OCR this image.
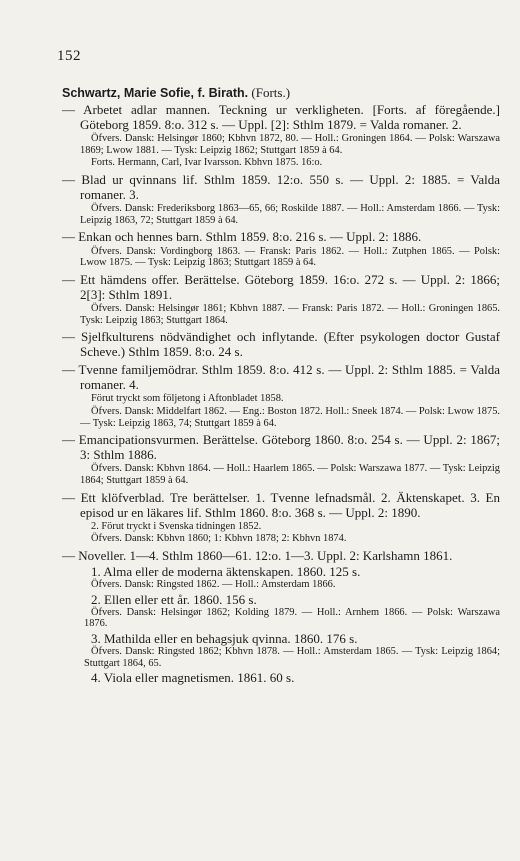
152
Schwartz, Marie Sofie, f. Birath. (Forts.)
— Arbetet adlar mannen. Teckning ur verkligheten. [Forts. af föregående.] Göteborg 1859. 8:o. 312 s. — Uppl. [2]: Sthlm 1879. = Valda romaner. 2.
Öfvers. Dansk: Helsingør 1860; Kbhvn 1872, 80. — Holl.: Groningen 1864. — Polsk: Warszawa 1869; Lwow 1881. — Tysk: Leipzig 1862; Stuttgart 1859 à 64.
Forts. Hermann, Carl, Ivar Ivarsson. Kbhvn 1875. 16:o.
— Blad ur qvinnans lif. Sthlm 1859. 12:o. 550 s. — Uppl. 2: 1885. = Valda romaner. 3.
Öfvers. Dansk: Frederiksborg 1863—65, 66; Roskilde 1887. — Holl.: Amsterdam 1866. — Tysk: Leipzig 1863, 72; Stuttgart 1859 à 64.
— Enkan och hennes barn. Sthlm 1859. 8:o. 216 s. — Uppl. 2: 1886.
Öfvers. Dansk: Vordingborg 1863. — Fransk: Paris 1862. — Holl.: Zutphen 1865. — Polsk: Lwow 1875. — Tysk: Leipzig 1863; Stuttgart 1859 à 64.
— Ett hämdens offer. Berättelse. Göteborg 1859. 16:o. 272 s. — Uppl. 2: 1866; 2[3]: Sthlm 1891.
Öfvers. Dansk: Helsingør 1861; Kbhvn 1887. — Fransk: Paris 1872. — Holl.: Groningen 1865. Tysk: Leipzig 1863; Stuttgart 1864.
— Sjelfkulturens nödvändighet och inflytande. (Efter psykologen doctor Gustaf Scheve.) Sthlm 1859. 8:o. 24 s.
— Tvenne familjemödrar. Sthlm 1859. 8:o. 412 s. — Uppl. 2: Sthlm 1885. = Valda romaner. 4.
Förut tryckt som följetong i Aftonbladet 1858.
Öfvers. Dansk: Middelfart 1862. — Eng.: Boston 1872. Holl.: Sneek 1874. — Polsk: Lwow 1875. — Tysk: Leipzig 1863, 74; Stuttgart 1859 à 64.
— Emancipationsvurmen. Berättelse. Göteborg 1860. 8:o. 254 s. — Uppl. 2: 1867; 3: Sthlm 1886.
Öfvers. Dansk: Kbhvn 1864. — Holl.: Haarlem 1865. — Polsk: Warszawa 1877. — Tysk: Leipzig 1864; Stuttgart 1859 à 64.
— Ett klöfverblad. Tre berättelser. 1. Tvenne lefnadsmål. 2. Äktenskapet. 3. En episod ur en läkares lif. Sthlm 1860. 8:o. 368 s. — Uppl. 2: 1890.
2. Förut tryckt i Svenska tidningen 1852.
Öfvers. Dansk: Kbhvn 1860; 1: Kbhvn 1878; 2: Kbhvn 1874.
— Noveller. 1—4. Sthlm 1860—61. 12:o. 1—3. Uppl. 2: Karlshamn 1861.
1. Alma eller de moderna äktenskapen. 1860. 125 s.
Öfvers. Dansk: Ringsted 1862. — Holl.: Amsterdam 1866.
2. Ellen eller ett år. 1860. 156 s.
Öfvers. Dansk: Helsingør 1862; Kolding 1879. — Holl.: Arnhem 1866. — Polsk: Warszawa 1876.
3. Mathilda eller en behagsjuk qvinna. 1860. 176 s.
Öfvers. Dansk: Ringsted 1862; Kbhvn 1878. — Holl.: Amsterdam 1865. — Tysk: Leipzig 1864; Stuttgart 1864, 65.
4. Viola eller magnetismen. 1861. 60 s.
